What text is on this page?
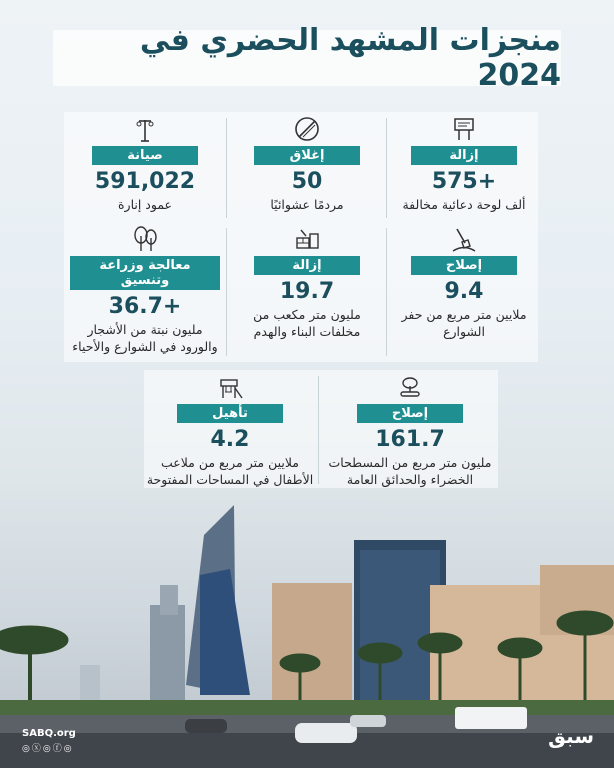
منجزات المشهد الحضري في 2024
إزالة
575+
ألف لوحة دعائية مخالفة
إغلاق
50
مردمًا عشوائيًا
صيانة
591,022
عمود إنارة
إصلاح
9.4
ملايين متر مربع من حفر الشوارع
إزالة
19.7
مليون متر مكعب من مخلفات البناء والهدم
معالجة وزراعة وتنسيق
36.7+
مليون نبتة من الأشجار والورود في الشوارع والأحياء
إصلاح
161.7
مليون متر مربع من المسطحات الخضراء والحدائق العامة
تأهيل
4.2
ملايين متر مربع من ملاعب الأطفال في المساحات المفتوحة
SABQ.org
◎ⓧ◎ⓕ◎
سبق
